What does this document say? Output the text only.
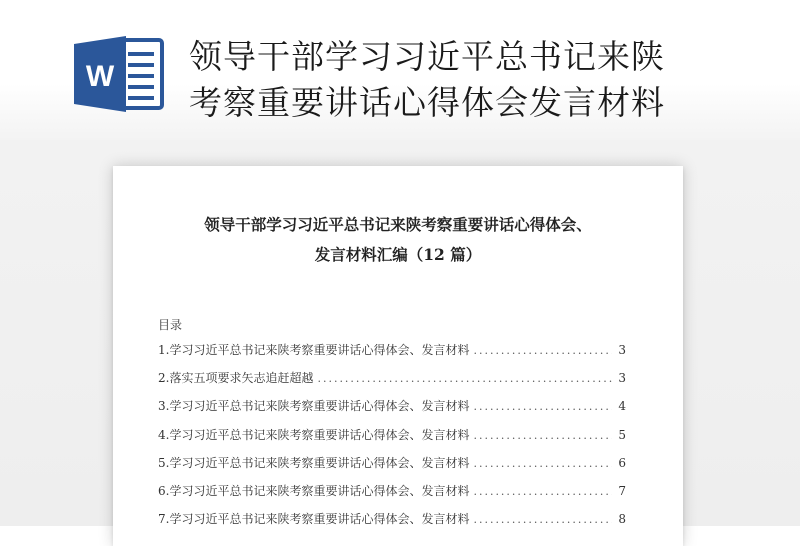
W
领导干部学习习近平总书记来陕
考察重要讲话心得体会发言材料
领导干部学习习近平总书记来陕考察重要讲话心得体会、
发言材料汇编（12 篇）
目录
1.学习习近平总书记来陕考察重要讲话心得体会、发言材料 .....	3
2.落实五项要求矢志追赶超越 .....	3
3.学习习近平总书记来陕考察重要讲话心得体会、发言材料 .....	4
4.学习习近平总书记来陕考察重要讲话心得体会、发言材料 .....	5
5.学习习近平总书记来陕考察重要讲话心得体会、发言材料 .....	6
6.学习习近平总书记来陕考察重要讲话心得体会、发言材料 .....	7
7.学习习近平总书记来陕考察重要讲话心得体会、发言材料 .....	8
